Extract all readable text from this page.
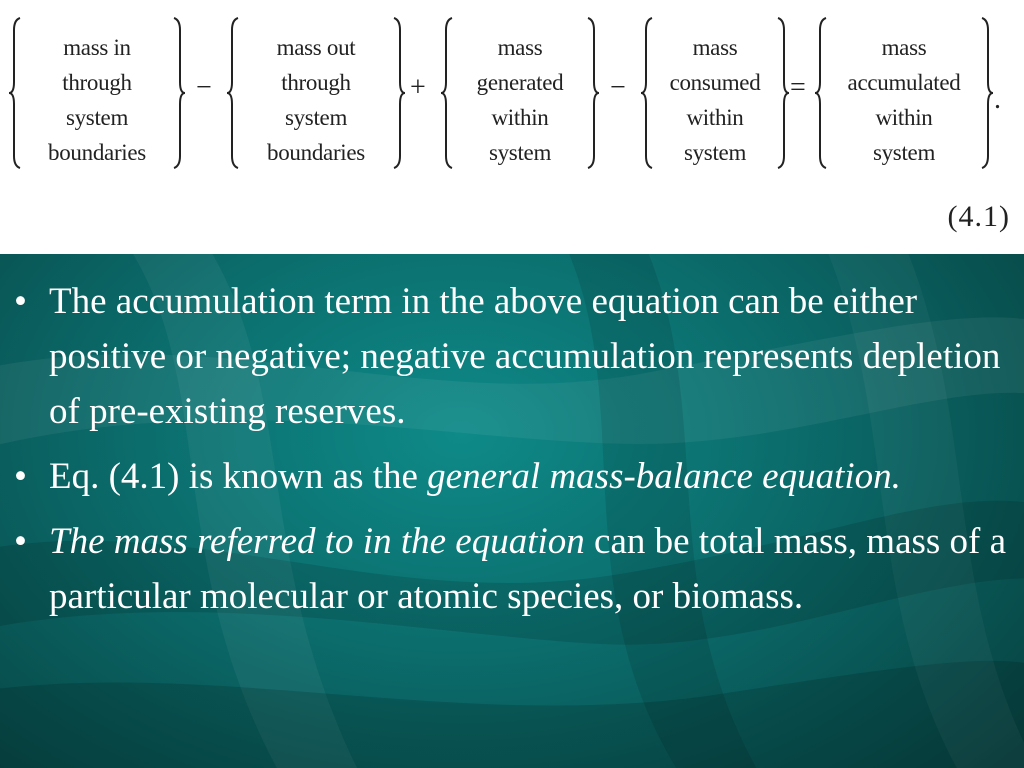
mass in
through
system
boundaries
−
mass out
through
system
boundaries
+
mass
generated
within
system
−
mass
consumed
within
system
=
mass
accumulated
within
system
.
(4.1)
• The accumulation term in the above equation can be either positive or negative; negative accumulation represents depletion of pre-existing reserves.
• Eq. (4.1) is known as the general mass-balance equation.
• The mass referred to in the equation can be total mass, mass of a particular molecular or atomic species, or biomass.
